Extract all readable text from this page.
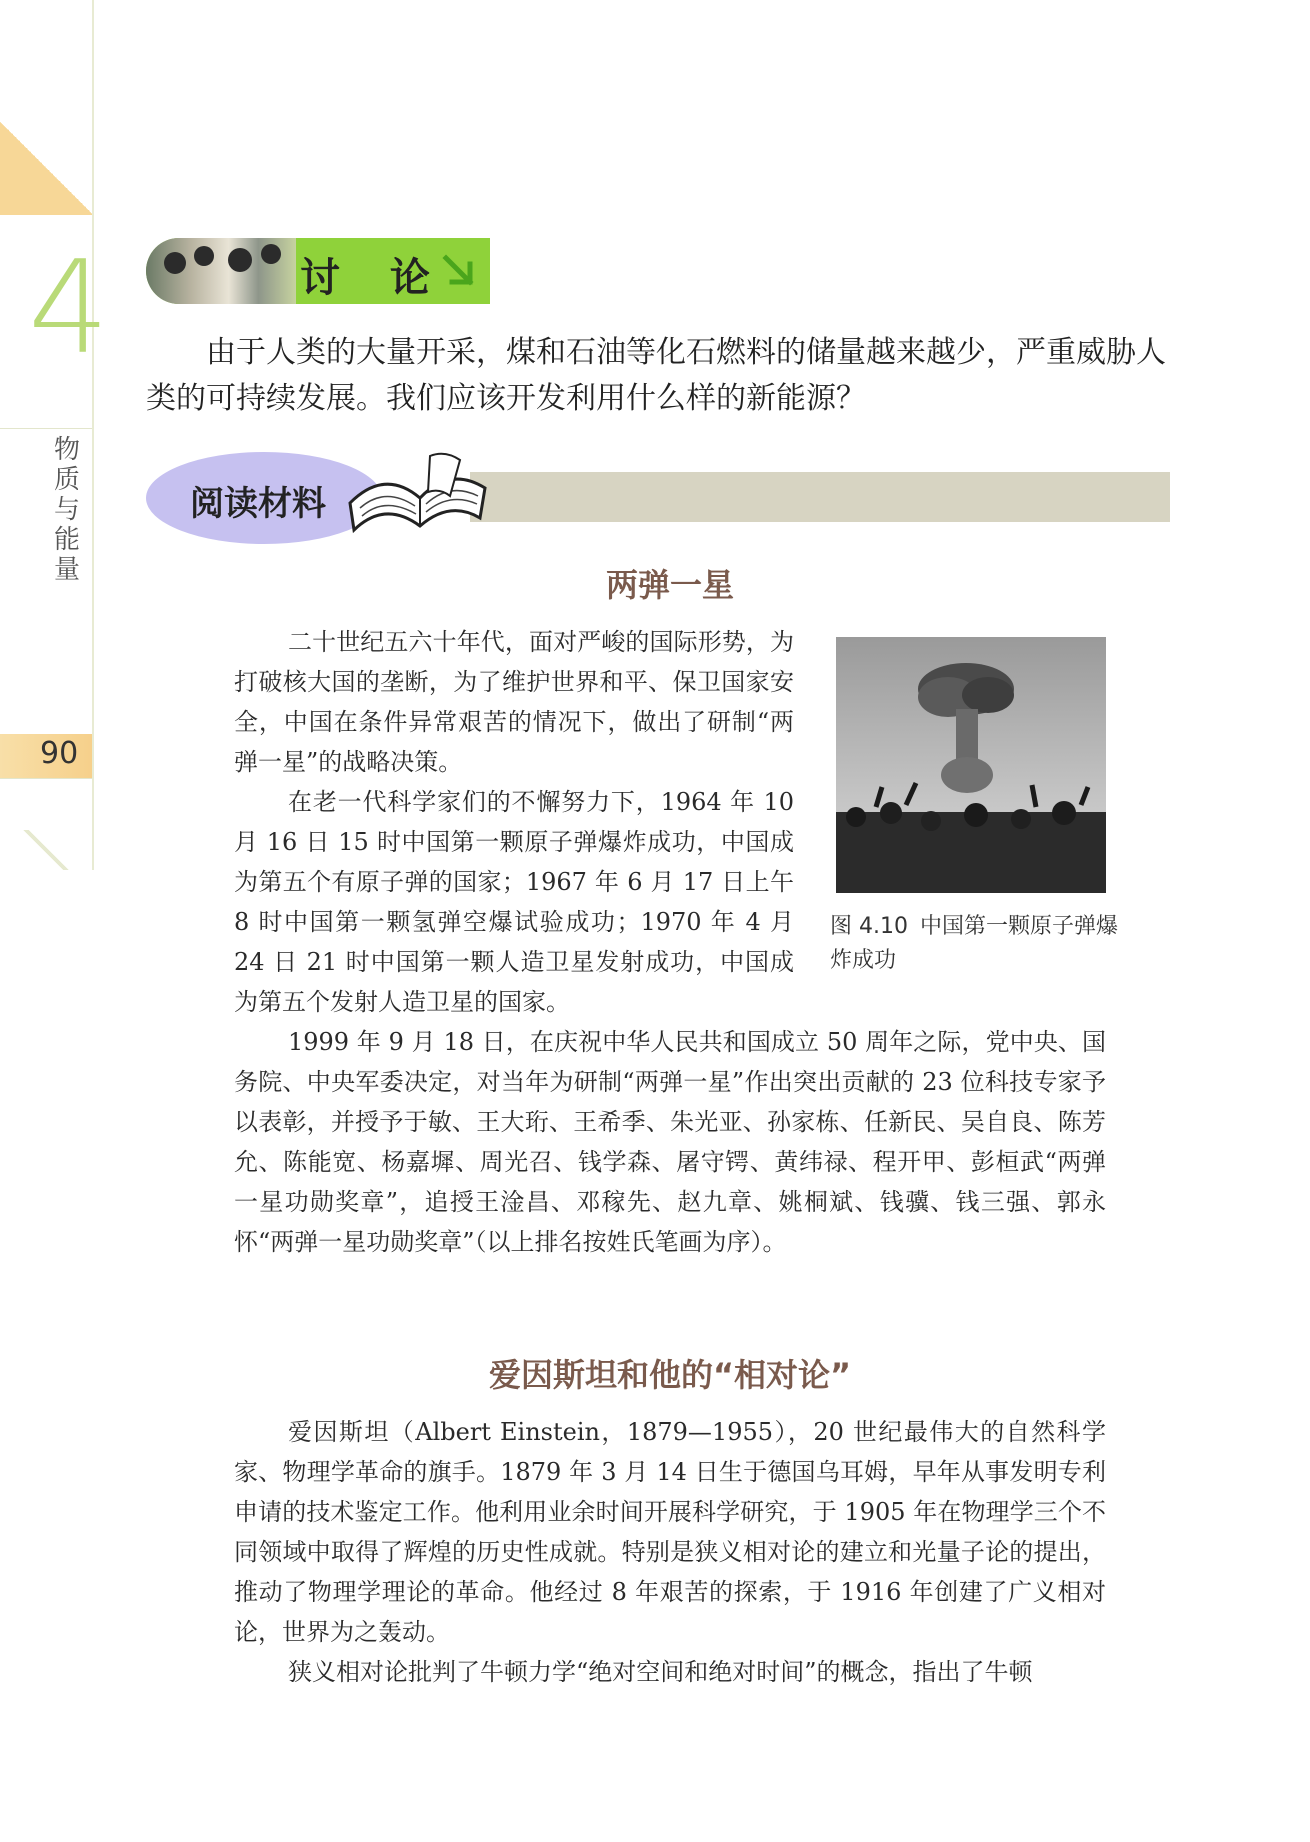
4
物质与能量
90
讨 论

由于人类的大量开采，煤和石油等化石燃料的储量越来越少，严重威胁人类的可持续发展。我们应该开发利用什么样的新能源？

阅读材料
两弹一星

二十世纪五六十年代，面对严峻的国际形势，为打破核大国的垄断，为了维护世界和平、保卫国家安全，中国在条件异常艰苦的情况下，做出了研制“两弹一星”的战略决策。

在老一代科学家们的不懈努力下，1964 年 10 月 16 日 15 时中国第一颗原子弹爆炸成功，中国成为第五个有原子弹的国家；1967 年 6 月 17 日上午 8 时中国第一颗氢弹空爆试验成功；1970 年 4 月 24 日 21 时中国第一颗人造卫星发射成功，中国成为第五个发射人造卫星的国家。

1999 年 9 月 18 日，在庆祝中华人民共和国成立 50 周年之际，党中央、国务院、中央军委决定，对当年为研制“两弹一星”作出突出贡献的 23 位科技专家予以表彰，并授予于敏、王大珩、王希季、朱光亚、孙家栋、任新民、吴自良、陈芳允、陈能宽、杨嘉墀、周光召、钱学森、屠守锷、黄纬禄、程开甲、彭桓武“两弹一星功勋奖章”，追授王淦昌、邓稼先、赵九章、姚桐斌、钱骥、钱三强、郭永怀“两弹一星功勋奖章”（以上排名按姓氏笔画为序）。

图 4.10 中国第一颗原子弹爆炸成功
爱因斯坦和他的“相对论”

爱因斯坦（Albert Einstein，1879—1955），20 世纪最伟大的自然科学家、物理学革命的旗手。1879 年 3 月 14 日生于德国乌耳姆，早年从事发明专利申请的技术鉴定工作。他利用业余时间开展科学研究，于 1905 年在物理学三个不同领域中取得了辉煌的历史性成就。特别是狭义相对论的建立和光量子论的提出，推动了物理学理论的革命。他经过 8 年艰苦的探索，于 1916 年创建了广义相对论，世界为之轰动。

狭义相对论批判了牛顿力学“绝对空间和绝对时间”的概念，指出了牛顿
